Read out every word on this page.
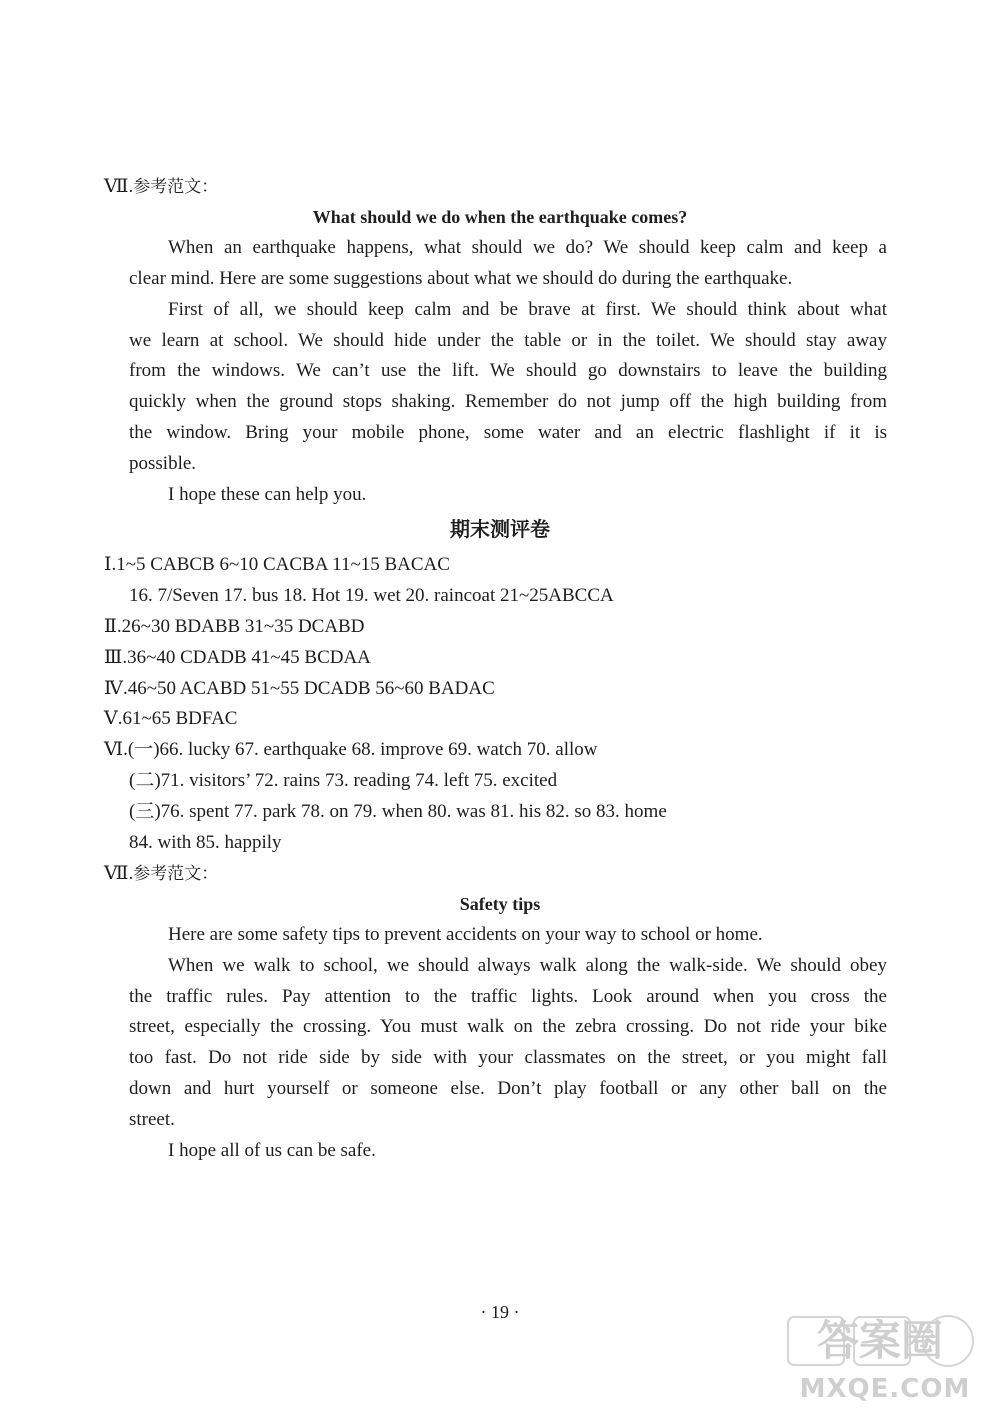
Ⅶ.参考范文：
What should we do when the earthquake comes?
When an earthquake happens, what should we do? We should keep calm and keep a
clear mind. Here are some suggestions about what we should do during the earthquake.
First of all, we should keep calm and be brave at first. We should think about what
we learn at school. We should hide under the table or in the toilet. We should stay away
from the windows. We can’t use the lift. We should go downstairs to leave the building
quickly when the ground stops shaking. Remember do not jump off the high building from
the window. Bring your mobile phone, some water and an electric flashlight if it is
possible.
I hope these can help you.
期末测评卷
Ⅰ.1~5 CABCB 6~10 CACBA 11~15 BACAC
16. 7/Seven 17. bus 18. Hot 19. wet 20. raincoat 21~25ABCCA
Ⅱ.26~30 BDABB 31~35 DCABD
Ⅲ.36~40 CDADB 41~45 BCDAA
Ⅳ.46~50 ACABD 51~55 DCADB 56~60 BADAC
Ⅴ.61~65 BDFAC
Ⅵ.(一)66. lucky 67. earthquake 68. improve 69. watch 70. allow
(二)71. visitors’ 72. rains 73. reading 74. left 75. excited
(三)76. spent 77. park 78. on 79. when 80. was 81. his 82. so 83. home
84. with 85. happily
Ⅶ.参考范文：
Safety tips
Here are some safety tips to prevent accidents on your way to school or home.
When we walk to school, we should always walk along the walk-side. We should obey
the traffic rules. Pay attention to the traffic lights. Look around when you cross the
street, especially the crossing. You must walk on the zebra crossing. Do not ride your bike
too fast. Do not ride side by side with your classmates on the street, or you might fall
down and hurt yourself or someone else. Don’t play football or any other ball on the
street.
I hope all of us can be safe.
· 19 ·
答案圈
MXQE.COM
